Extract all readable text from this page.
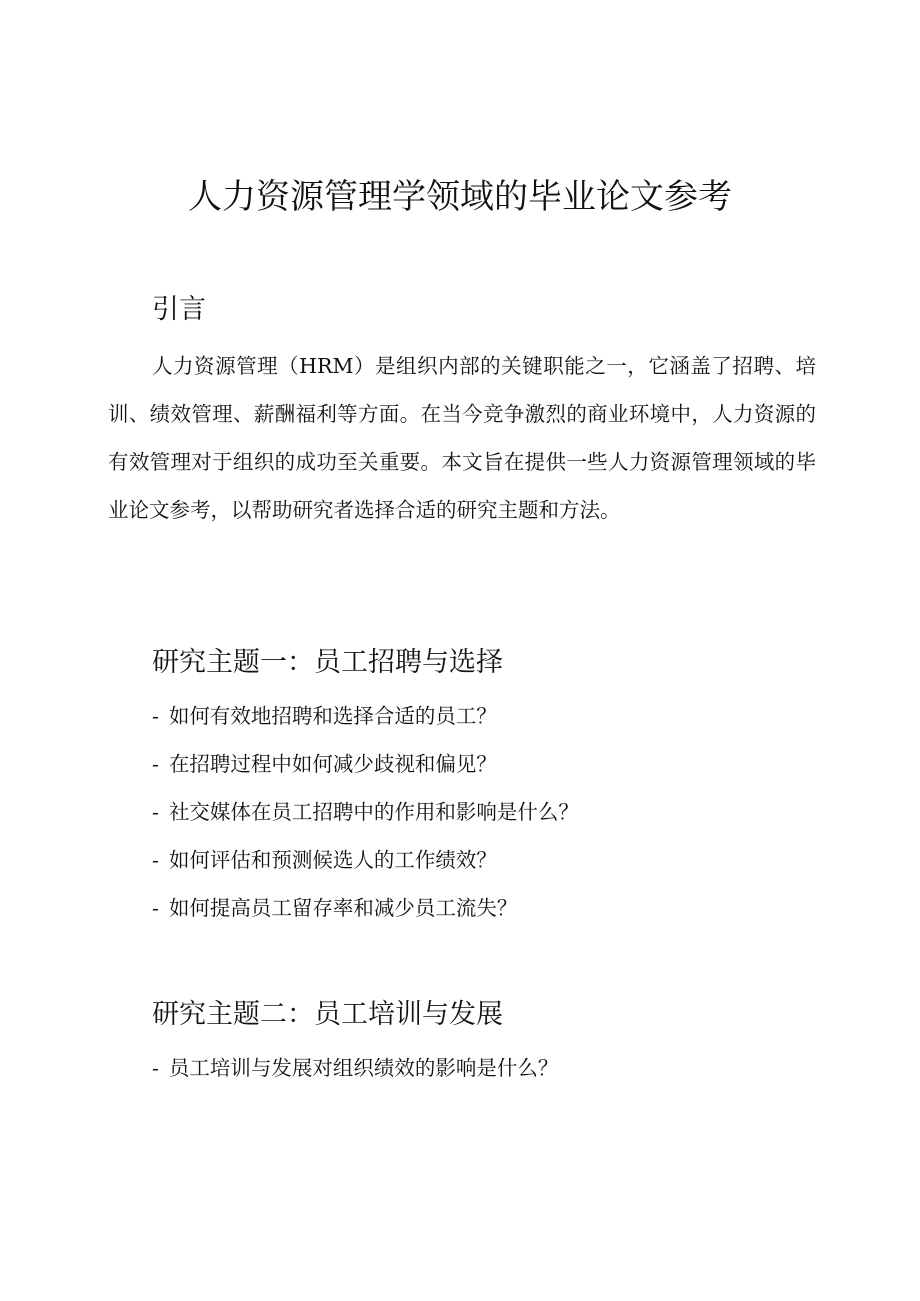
人力资源管理学领域的毕业论文参考
引言

人力资源管理（HRM）是组织内部的关键职能之一，它涵盖了招聘、培训、绩效管理、薪酬福利等方面。在当今竞争激烈的商业环境中，人力资源的有效管理对于组织的成功至关重要。本文旨在提供一些人力资源管理领域的毕业论文参考，以帮助研究者选择合适的研究主题和方法。

研究主题一：员工招聘与选择
- 如何有效地招聘和选择合适的员工？
- 在招聘过程中如何减少歧视和偏见？
- 社交媒体在员工招聘中的作用和影响是什么？
- 如何评估和预测候选人的工作绩效？
- 如何提高员工留存率和减少员工流失？
研究主题二：员工培训与发展
- 员工培训与发展对组织绩效的影响是什么？
